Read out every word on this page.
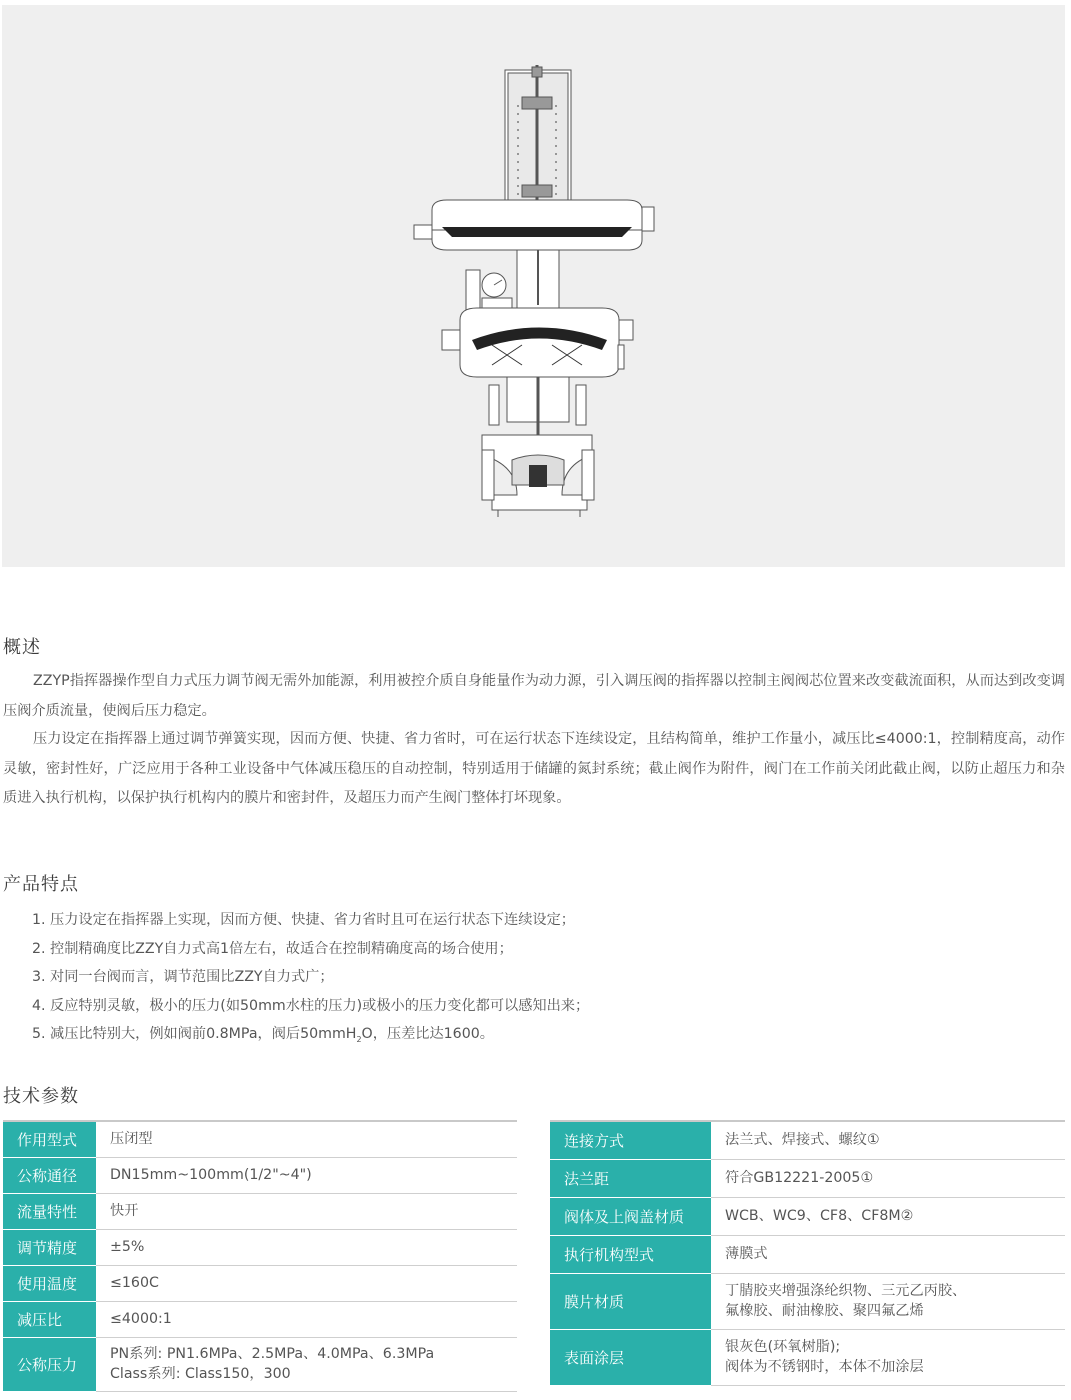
概述
ZZYP指挥器操作型自力式压力调节阀无需外加能源，利用被控介质自身能量作为动力源，引入调压阀的指挥器以控制主阀阀芯位置来改变截流面积，从而达到改变调压阀介质流量，使阀后压力稳定。
压力设定在指挥器上通过调节弹簧实现，因而方便、快捷、省力省时，可在运行状态下连续设定，且结构简单，维护工作量小，减压比≤4000:1，控制精度高，动作灵敏，密封性好，广泛应用于各种工业设备中气体减压稳压的自动控制，特别适用于储罐的氮封系统；截止阀作为附件，阀门在工作前关闭此截止阀，以防止超压力和杂质进入执行机构，以保护执行机构内的膜片和密封件，及超压力而产生阀门整体打坏现象。
产品特点
1. 压力设定在指挥器上实现，因而方便、快捷、省力省时且可在运行状态下连续设定；
2. 控制精确度比ZZY自力式高1倍左右，故适合在控制精确度高的场合使用；
3. 对同一台阀而言，调节范围比ZZY自力式广；
4. 反应特别灵敏，极小的压力(如50mm水柱的压力)或极小的压力变化都可以感知出来；
5. 减压比特别大，例如阀前0.8MPa，阀后50mmH$_2$O，压差比达1600。
技术参数
作用型式	压闭型
公称通径	DN15mm~100mm(1/2"~4")
流量特性	快开
调节精度	±5%
使用温度	≤160C
减压比	≤4000:1
公称压力	PN系列: PN1.6MPa、2.5MPa、4.0MPa、6.3MPa
Class系列: Class150，300
连接方式	法兰式、焊接式、螺纹①
法兰距	符合GB12221-2005①
阀体及上阀盖材质	WCB、WC9、CF8、CF8M②
执行机构型式	薄膜式
膜片材质	丁腈胶夹增强涤纶织物、三元乙丙胶、
氟橡胶、耐油橡胶、聚四氟乙烯

表面涂层	银灰色(环氧树脂);
阀体为不锈钢时，本体不加涂层
